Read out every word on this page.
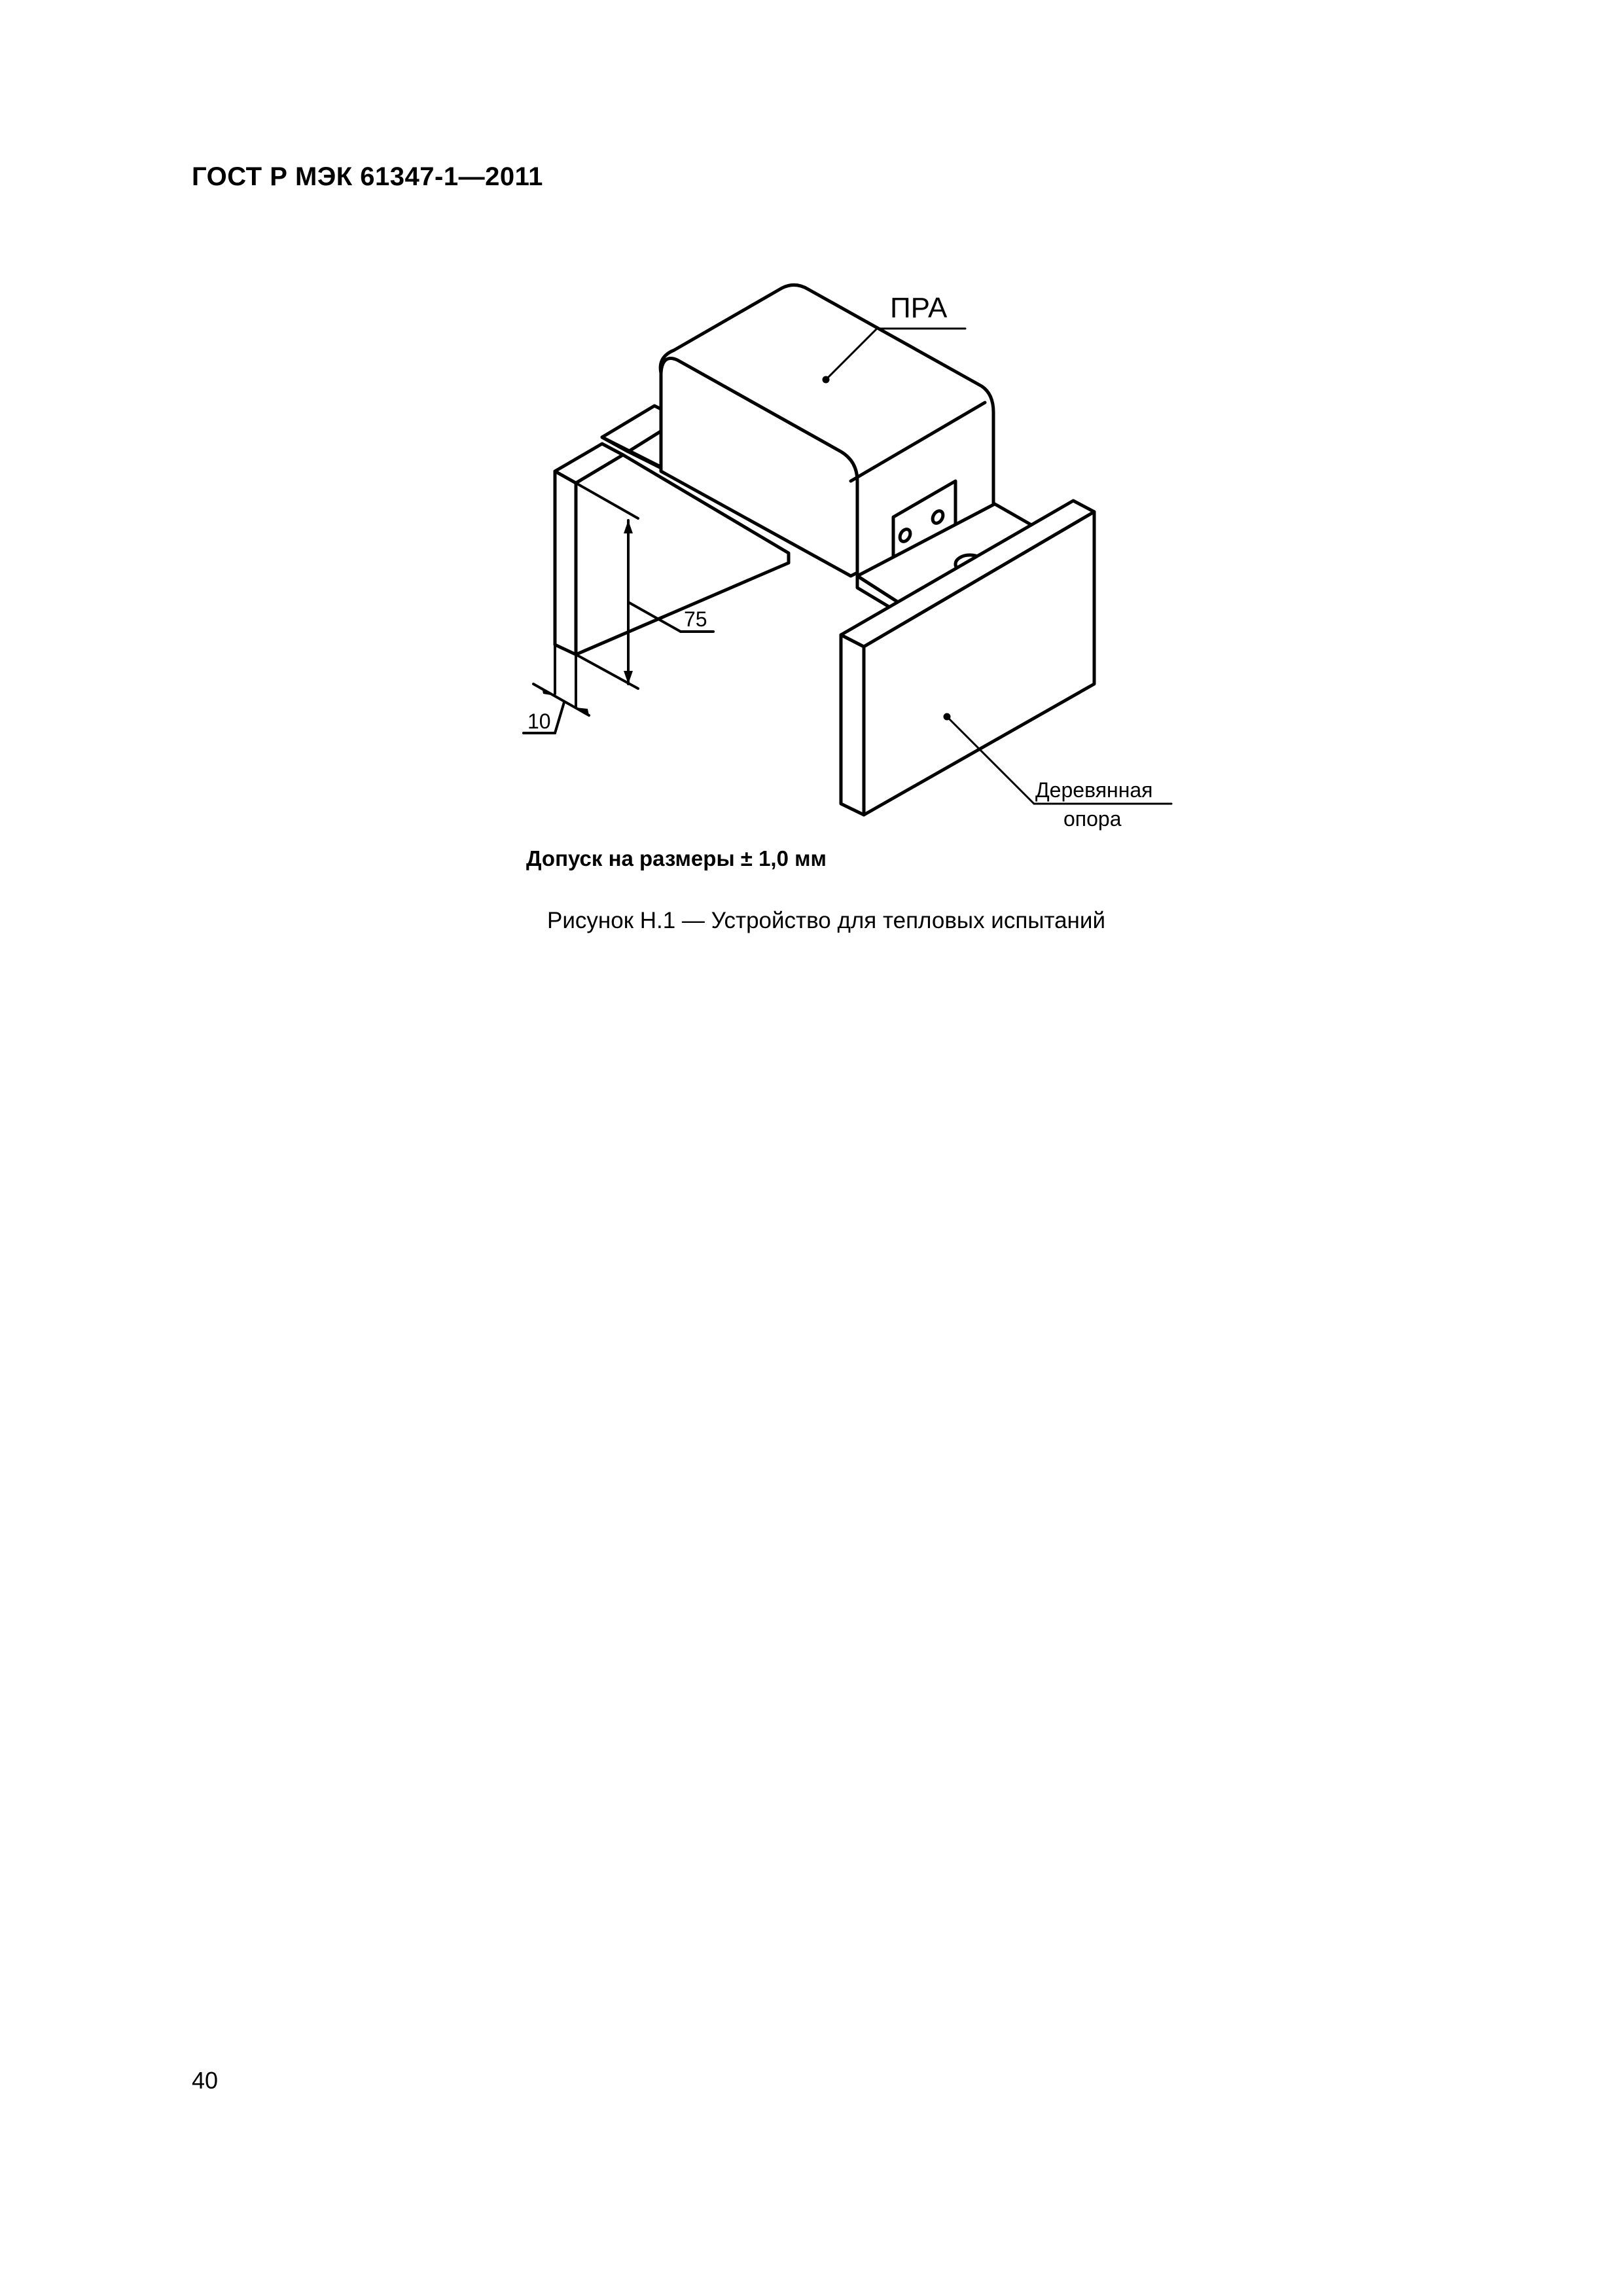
ГОСТ Р МЭК 61347-1—2011
ПРА
75
10
Деревянная
опора
Допуск на размеры ± 1,0 мм
Рисунок Н.1 — Устройство для тепловых испытаний
40
